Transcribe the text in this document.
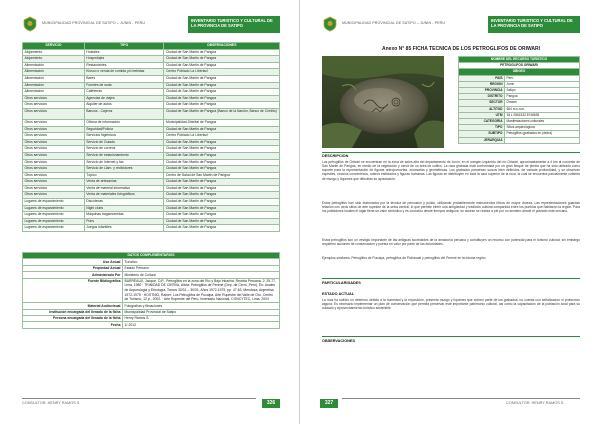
MUNICIPALIDAD PROVINCIAL DE SATIPO – JUNIN - PERU	INVENTARIO TURISTICO Y CULTURAL DE LA PROVINCIA DE SATIPO
SERVICIO	TIPO	OBSERVACIONES
Alojamiento	Hostales	Ciudad de San Martin de Pangoa
Alojamiento	Hospedajes	Ciudad de San Martin de Pangoa
Alimentación	Restaurantes	Ciudad de San Martin de Pangoa
Alimentación	Kiosco o venda de comida y/o bebidas	Centro Poblado La Libertad
Alimentación	Bares	Ciudad de San Martin de Pangoa
Alimentación	Fuentes de soda	Ciudad de San Martin de Pangoa
Alimentación	Cafeterías	Ciudad de San Martin de Pangoa
Otros servicios	Agencias de viajes	Ciudad de San Martin de Pangoa
Otros servicios	Alquiler de autos	Ciudad de San Martin de Pangoa
Otros servicios	Bancos - Cajeros	Ciudad de San Martin de Pangoa (Banco de la Nación, Banco de Crédito)
Otros servicios	Oficina de información	Municipalidad Distrital de Pangoa
Otros servicios	Seguridad/Policía	Ciudad de San Martin de Pangoa
Otros servicios	Servicios higiénicos	Centro Poblado La Libertad
Otros servicios	Servicio de Guiado	Ciudad de San Martin de Pangoa
Otros servicios	Servicio de correos	Ciudad de San Martin de Pangoa
Otros servicios	Servicio de estacionamiento	Ciudad de San Martin de Pangoa
Otros servicios	Servicio de Internet y fax	Ciudad de San Martin de Pangoa
Otros servicios	Servicio de Llam. y recibidores	Ciudad de San Martin de Pangoa
Otros servicios	Tópico	Centro de Salud de San Martin de Pangoa
Otros servicios	Venta de artesanías	Ciudad de San Martin de Pangoa
Otros servicios	Venta de material informativo	Ciudad de San Martin de Pangoa
Otros servicios	Venta de materiales fotográficos	Ciudad de San Martin de Pangoa
Lugares de esparcimiento	Discotecas	Ciudad de San Martin de Pangoa
Lugares de esparcimiento	Night clubs	Ciudad de San Martin de Pangoa
Lugares de esparcimiento	Máquinas tragamonedas	Ciudad de San Martin de Pangoa
Lugares de esparcimiento	Pubs	Ciudad de San Martin de Pangoa
Lugares de esparcimiento	Juegos infantiles	Ciudad de San Martin de Pangoa
DATOS COMPLEMENTARIOS	
Uso Actual	Turístico
Propiedad Actual	Estado Peruano
Administrado Por	Ministerio de Cultura
Fuente Bibliográfica	BARREAUX, Jacque. O.P., Petroglifos en la zona del Río y Bajo Inkanha. Revista Peruana. 2: 29-77, Lima, 1980 · TRINIDAD DE CIERVA, Alicia: Petroglifos de Perené (Dep. de Cerro, Perú). En: Anales de Arqueología y Etnología. Tomos 30/31 – 30/31, Años 1972-1975, pp. 47-63. Mendoza, Argentina. 1972-1975 · HOSTNIG, Rainer: Los Petroglifos de Pucalpa. Arte Rupestre del Valle de Oro. Centro de Turismo, 12 p., 2002. · Arte Rupestre del Perú. Inventario Nacional. CONCYTEC, Lima, 2003
Material Audiovisual	Fotografías y filmaciones
Institución encargada del llenado de la ficha	Municipalidad Provincial de Satipo
Persona encargada del llenado de la ficha	Henry Ramos S.
Fecha	1/-2012
CONSULTOR: HENRY RAMOS S.	326
MUNICIPALIDAD PROVINCIAL DE SATIPO – JUNIN - PERU	INVENTARIO TURISTICO Y CULTURAL DE LA PROVINCIA DE SATIPO
Anexo N° 85 FICHA TECNICA DE LOS PETROGLIFOS DE ORIWARI
NOMBRE DEL RECURSO TURISTICO	
PETROGLIFOS ORIWARI	
UBIGEO	
PAIS	Perú
REGION	Junín
PROVINCIA	Satipo
DISTRITO	Pangoa
SECTOR	Oriwari
ALTITUD	684 m.s.n.m.
UTM	18 L 0561532 8748635
CATEGORIA	Manifestaciones culturales
TIPO	Sitios arqueológicos
SUBTIPO	Petroglifos (grabados en piedra)
JERARQUIA	
DESCRIPCION
Los petroglifos de Oriwari se encuentran en la zona de selva alta del departamento de Junín, en el margen izquierdo del río Oriwari, aproximadamente a 4 km al noroeste de San Martin de Pangoa, en medio de la vegetación y cerca de un área de cultivo. La roca grabada está conformada por un gran bloque de piedra que ha sido utilizado como soporte para la representación de figuras antropomorfas, zoomorfas y geométricas. Los grabados presentan surcos bien definidos, de variada profundidad, y se observan espirales, círculos concéntricos, rostros estilizados y figuras humanas. Las figuras se distribuyen en toda la cara superior de la roca, la cual se encuentra parcialmente cubierta de musgo y líquenes que dificultan su apreciación.
Estos petroglifos han sido elaborados por la técnica de percusión y pulido, utilizando probablemente instrumentos líticos de mayor dureza. Las representaciones guardan relación con otros sitios de arte rupestre de la selva central, lo que permite inferir una antigüedad y tradición cultural compartida entre los pueblos que habitaron la región. Para los pobladores locales el lugar tiene un valor simbólico y es conocido desde tiempos antiguos; su acceso se realiza a pie por un sendero desde el poblado más cercano.
Estos petroglifos son un vestigio importante de las antiguas sociedades de la amazonía peruana y constituyen un recurso con potencial para el turismo cultural; sin embargo requieren acciones de conservación y puesta en valor por parte de las autoridades.
Ejemplos similares: Petroglifos de Pucalpa, petroglifos de Pichanaki y petroglifos del Perené en la misma región.
PARTICULARIDADES
ESTADO ACTUAL
La roca ha sufrido un deterioro debido a la humedad y la exposición, presenta musgo y líquenes que cubren parte de los grabados; no cuenta con señalización ni protección alguna. Es necesario implementar un plan de conservación que permita preservar este importante patrimonio cultural, así como la capacitación de la población local para su cuidado y aprovechamiento turístico sostenible.
OBSERVACIONES
327	CONSULTOR: HENRY RAMOS S.
